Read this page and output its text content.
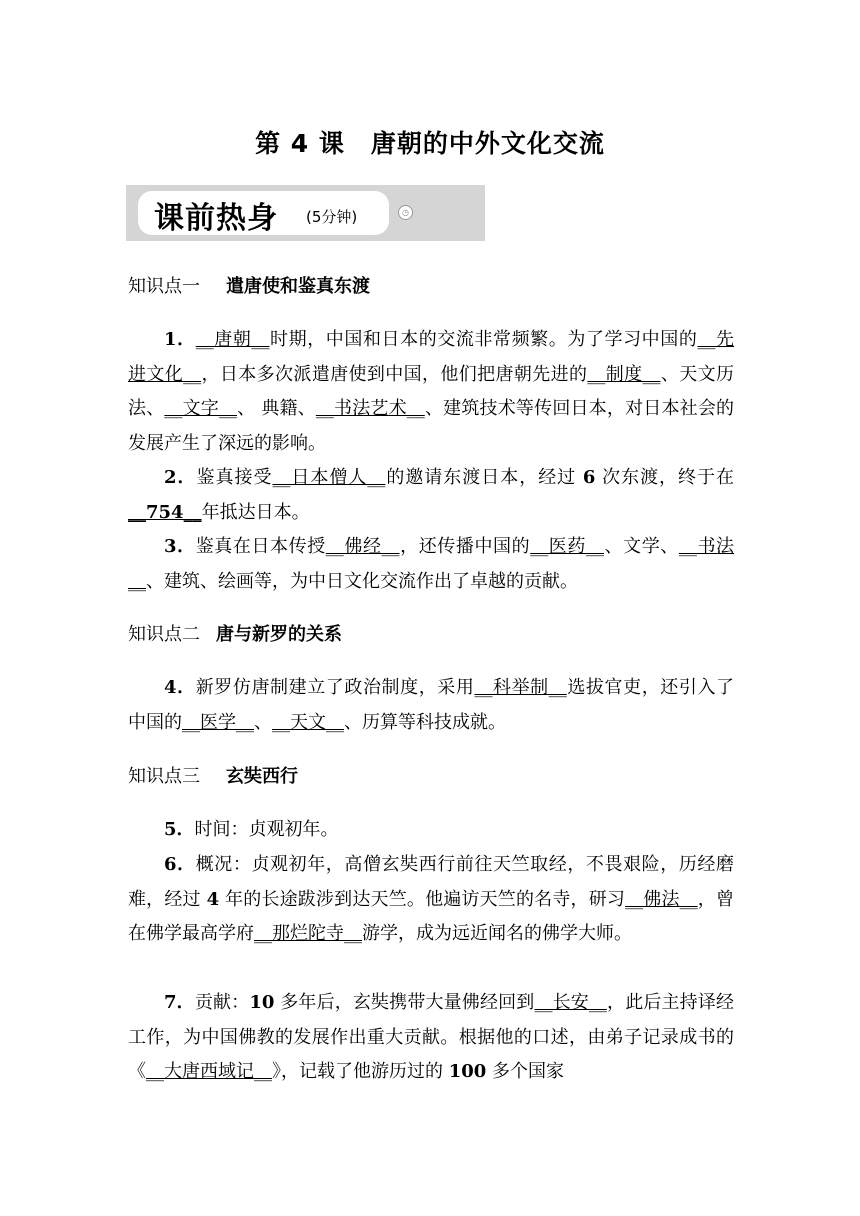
第 4 课　唐朝的中外文化交流
课前热身 (5分钟)	◷
知识点一 遣唐使和鉴真东渡
1．__唐朝__时期，中国和日本的交流非常频繁。为了学习中国的__先进文化__，日本多次派遣唐使到中国，他们把唐朝先进的__制度__、天文历法、__文字__、 典籍、__书法艺术__、建筑技术等传回日本，对日本社会的发展产生了深远的影响。
2．鉴真接受__日本僧人__的邀请东渡日本，经过 6 次东渡，终于在__754__年抵达日本。
3．鉴真在日本传授__佛经__，还传播中国的__医药__、文学、__书法__、建筑、绘画等，为中日文化交流作出了卓越的贡献。
知识点二 唐与新罗的关系
4．新罗仿唐制建立了政治制度，采用__科举制__选拔官吏，还引入了中国的__医学__、__天文__、历算等科技成就。
知识点三 玄奘西行
5．时间：贞观初年。
6．概况：贞观初年，高僧玄奘西行前往天竺取经，不畏艰险，历经磨难，经过 4 年的长途跋涉到达天竺。他遍访天竺的名寺，研习__佛法__，曾在佛学最高学府__那烂陀寺__游学，成为远近闻名的佛学大师。
7．贡献：10 多年后，玄奘携带大量佛经回到__长安__，此后主持译经工作，为中国佛教的发展作出重大贡献。根据他的口述，由弟子记录成书的《__大唐西域记__》，记载了他游历过的 100 多个国家
